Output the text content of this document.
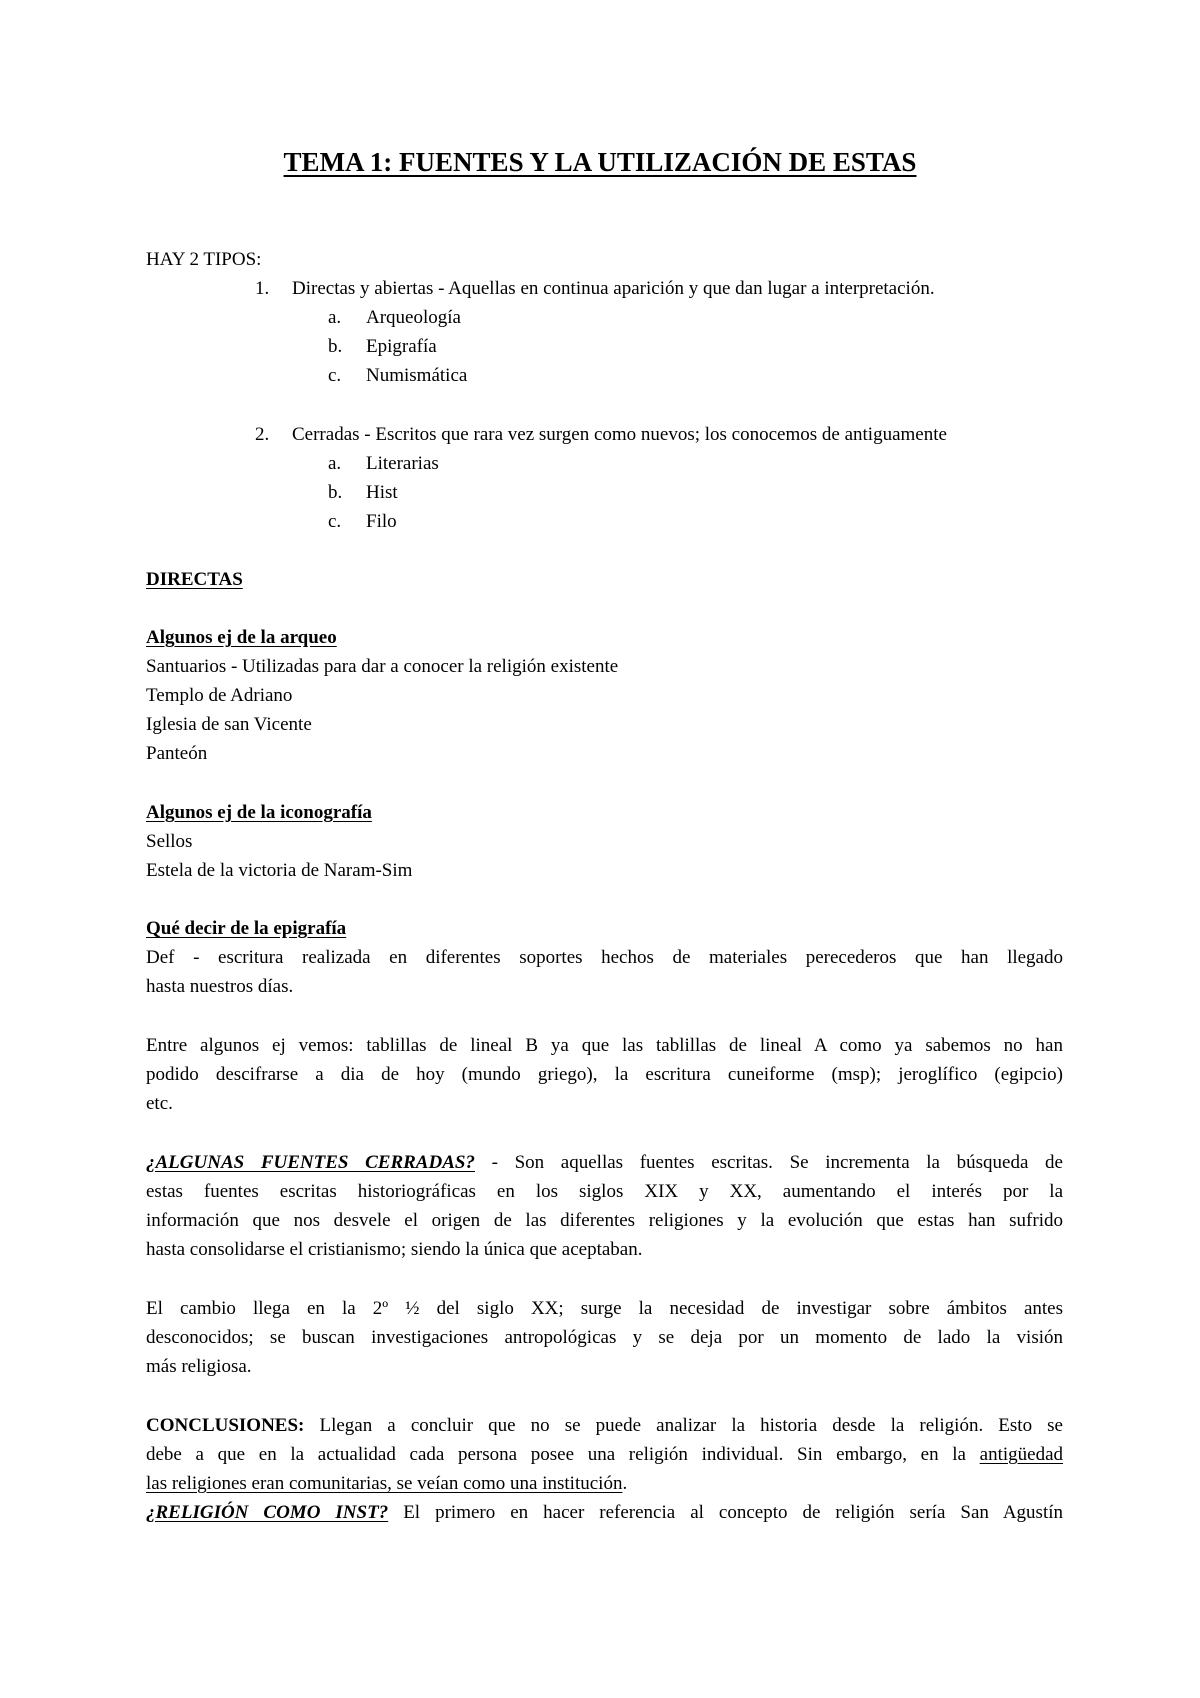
TEMA 1: FUENTES Y LA UTILIZACIÓN DE ESTAS
HAY 2 TIPOS:
1. Directas y abiertas - Aquellas en continua aparición y que dan lugar a interpretación.
a. Arqueología
b. Epigrafía
c. Numismática
2. Cerradas - Escritos que rara vez surgen como nuevos; los conocemos de antiguamente
a. Literarias
b. Hist
c. Filo
DIRECTAS
Algunos ej de la arqueo
Santuarios - Utilizadas para dar a conocer la religión existente
Templo de Adriano
Iglesia de san Vicente
Panteón
Algunos ej de la iconografía
Sellos
Estela de la victoria de Naram-Sim
Qué decir de la epigrafía
Def - escritura realizada en diferentes soportes hechos de materiales perecederos que han llegado
hasta nuestros días.
Entre algunos ej vemos: tablillas de lineal B ya que las tablillas de lineal A como ya sabemos no han
podido descifrarse a dia de hoy (mundo griego), la escritura cuneiforme (msp); jeroglífico (egipcio)
etc.
¿ALGUNAS FUENTES CERRADAS? - Son aquellas fuentes escritas. Se incrementa la búsqueda de
estas fuentes escritas historiográficas en los siglos XIX y XX, aumentando el interés por la
información que nos desvele el origen de las diferentes religiones y la evolución que estas han sufrido
hasta consolidarse el cristianismo; siendo la única que aceptaban.
El cambio llega en la 2º ½ del siglo XX; surge la necesidad de investigar sobre ámbitos antes
desconocidos; se buscan investigaciones antropológicas y se deja por un momento de lado la visión
más religiosa.
CONCLUSIONES: Llegan a concluir que no se puede analizar la historia desde la religión. Esto se
debe a que en la actualidad cada persona posee una religión individual. Sin embargo, en la antigüedad
las religiones eran comunitarias, se veían como una institución.
¿RELIGIÓN COMO INST? El primero en hacer referencia al concepto de religión sería San Agustín
